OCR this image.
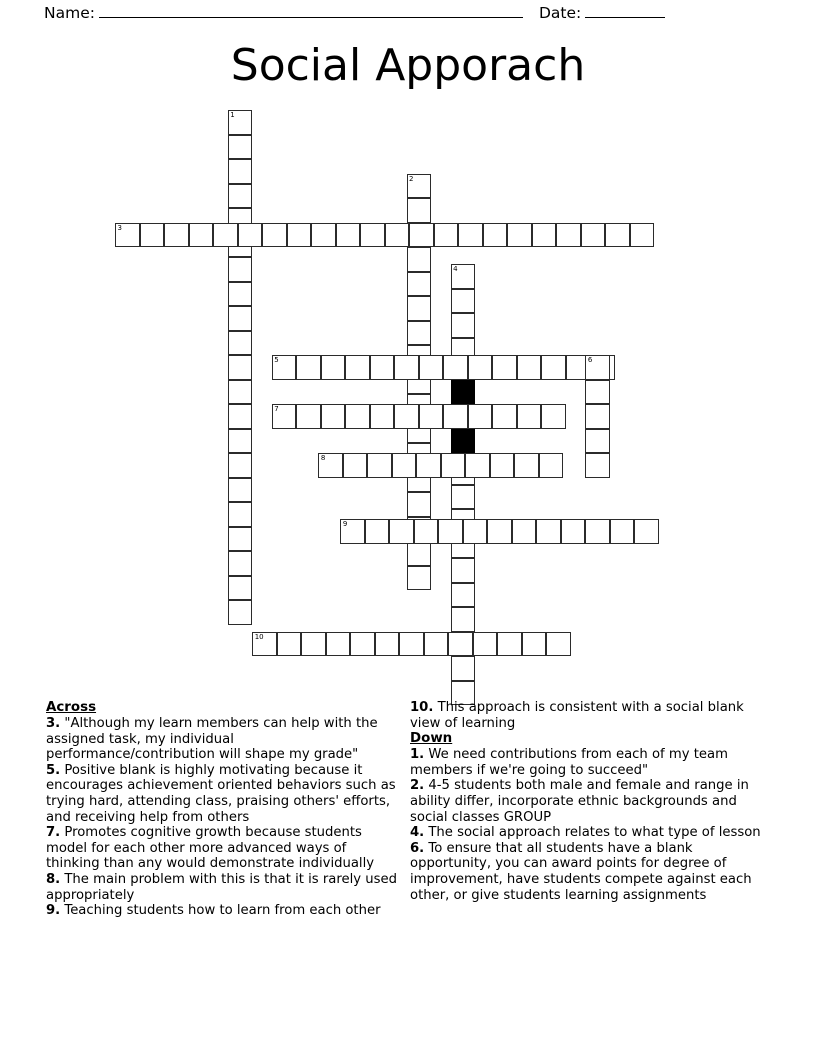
Name:	Date:
Social Apporach
1
2
3
4
5	6
7
8
9
10
Across
3. "Although my learn members can help with the assigned task, my individual performance/contribution will shape my grade"
5. Positive blank is highly motivating because it encourages achievement oriented behaviors such as trying hard, attending class, praising others' efforts, and receiving help from others
7. Promotes cognitive growth because students model for each other more advanced ways of thinking than any would demonstrate individually
8. The main problem with this is that it is rarely used appropriately
9. Teaching students how to learn from each other
10. This approach is consistent with a social blank view of learning
Down
1. We need contributions from each of my team members if we're going to succeed"
2. 4-5 students both male and female and range in ability differ, incorporate ethnic backgrounds and social classes GROUP
4. The social approach relates to what type of lesson
6. To ensure that all students have a blank opportunity, you can award points for degree of improvement, have students compete against each other, or give students learning assignments
